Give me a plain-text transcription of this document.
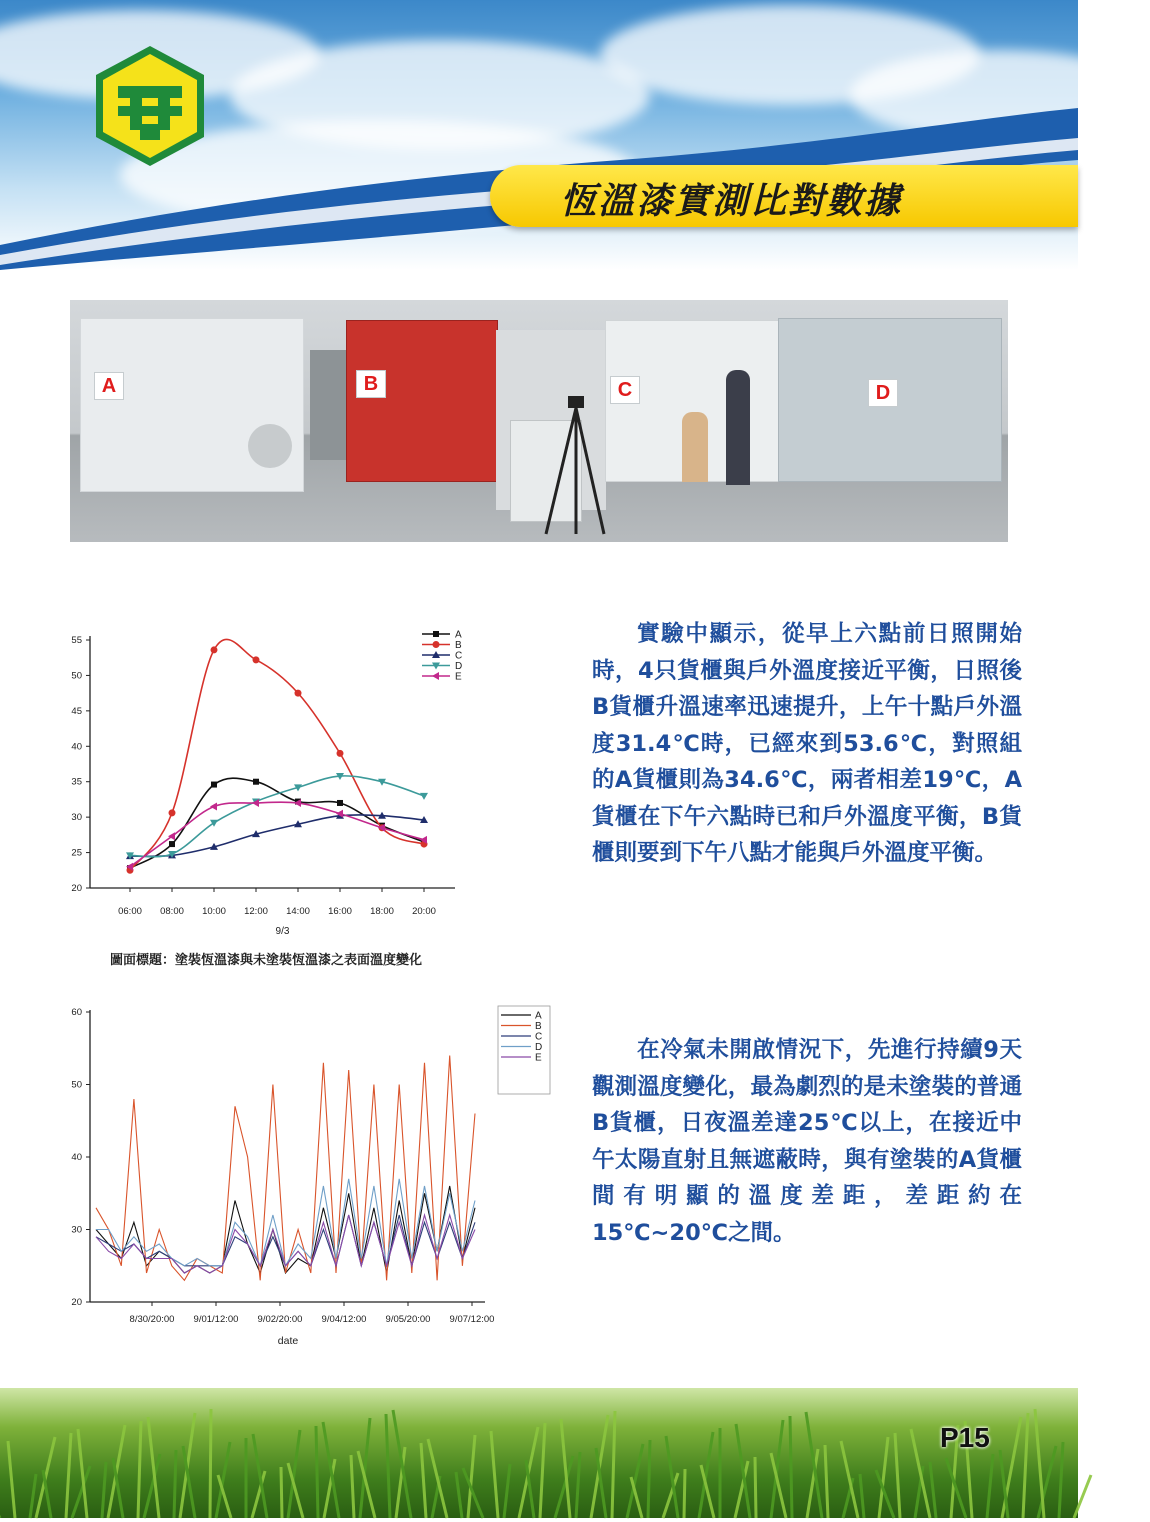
恆溫漆實測比對數據
A	B	C	D
20
25
30
35
40
45
50
55
06:00 08:00 10:00 12:00 14:00 16:00 18:00 20:00
9/3
A
B
C
D
E
圖面標題：塗裝恆溫漆與未塗裝恆溫漆之表面溫度變化
20
30
40
50
60
8/30/20:00 9/01/12:00 9/02/20:00 9/04/12:00 9/05/20:00 9/07/12:00
date
A
B
C
D
E
實驗中顯示，從早上六點前日照開始時，4只貨櫃與戶外溫度接近平衡，日照後B貨櫃升溫速率迅速提升，上午十點戶外溫度31.4℃時，已經來到53.6℃，對照組的A貨櫃則為34.6℃，兩者相差19℃，A貨櫃在下午六點時已和戶外溫度平衡，B貨櫃則要到下午八點才能與戶外溫度平衡。
在冷氣未開啟情況下，先進行持續9天觀測溫度變化，最為劇烈的是未塗裝的普通B貨櫃，日夜溫差達25℃以上，在接近中午太陽直射且無遮蔽時，與有塗裝的A貨櫃間有明顯的溫度差距，差距約在15℃~20℃之間。
P15
